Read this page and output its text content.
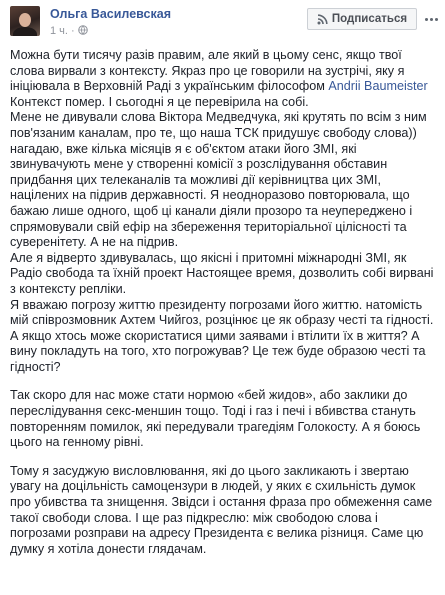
Ольга Василевская
1 ч. ·
Подписаться

Можна бути тисячу разів правим, але який в цьому сенс, якщо твої слова вирвали з контексту. Якраз про це говорили на зустрічі, яку я ініціювала в Верховній Раді з українським філософом Andrii Baumeister
Контекст помер. І сьогодні я це перевірила на собі.
Мене не дивували слова Віктора Медведчука, які крутять по всім з ним пов'язаним каналам, про те, що наша ТСК придушує свободу слова)) нагадаю, вже кілька місяців я є об'єктом атаки його ЗМІ, які звинувачують мене у створенні комісії з розслідування обставин придбання цих телеканалів та можливі дії керівництва цих ЗМІ, націлених на підрив державності. Я неодноразово повторювала, що бажаю лише одного, щоб ці канали діяли прозоро та неупереджено і спрямовували свій ефір на збереження територіальної цілісності та суверенітету. А не на підрив.
Але я відверто здивувалась, що якісні і притомні міжнародні ЗМІ, як Радіо свобода та їхній проект Настоящее время, дозволить собі вирвані з контексту репліки.
Я вважаю погрозу життю президенту погрозами його життю. натомість мій співрозмовник Ахтем Чийгоз, розцінює це як образу честі та гідності. А якщо хтось може скористатися цими заявами і втілити їх в життя? А вину покладуть на того, хто погрожував? Це теж буде образою честі та гідності?

Так скоро для нас може стати нормою «бей жидов», або заклики до переслідування секс-меншин тощо. Тоді і газ і печі і вбивства стануть повторенням помилок, які передували трагедіям Голокосту. А я боюсь цього на генному рівні.

Тому я засуджую висловлювання, які до цього закликають і звертаю увагу на доцільність самоцензури в людей, у яких є схильність думок про убивства та знищення. Звідси і остання фраза про обмеження саме такої свободи слова. І ще раз підкреслю: між свободою слова і погрозами розправи на адресу Президента є велика різниця. Саме цю думку я хотіла донести глядачам.
